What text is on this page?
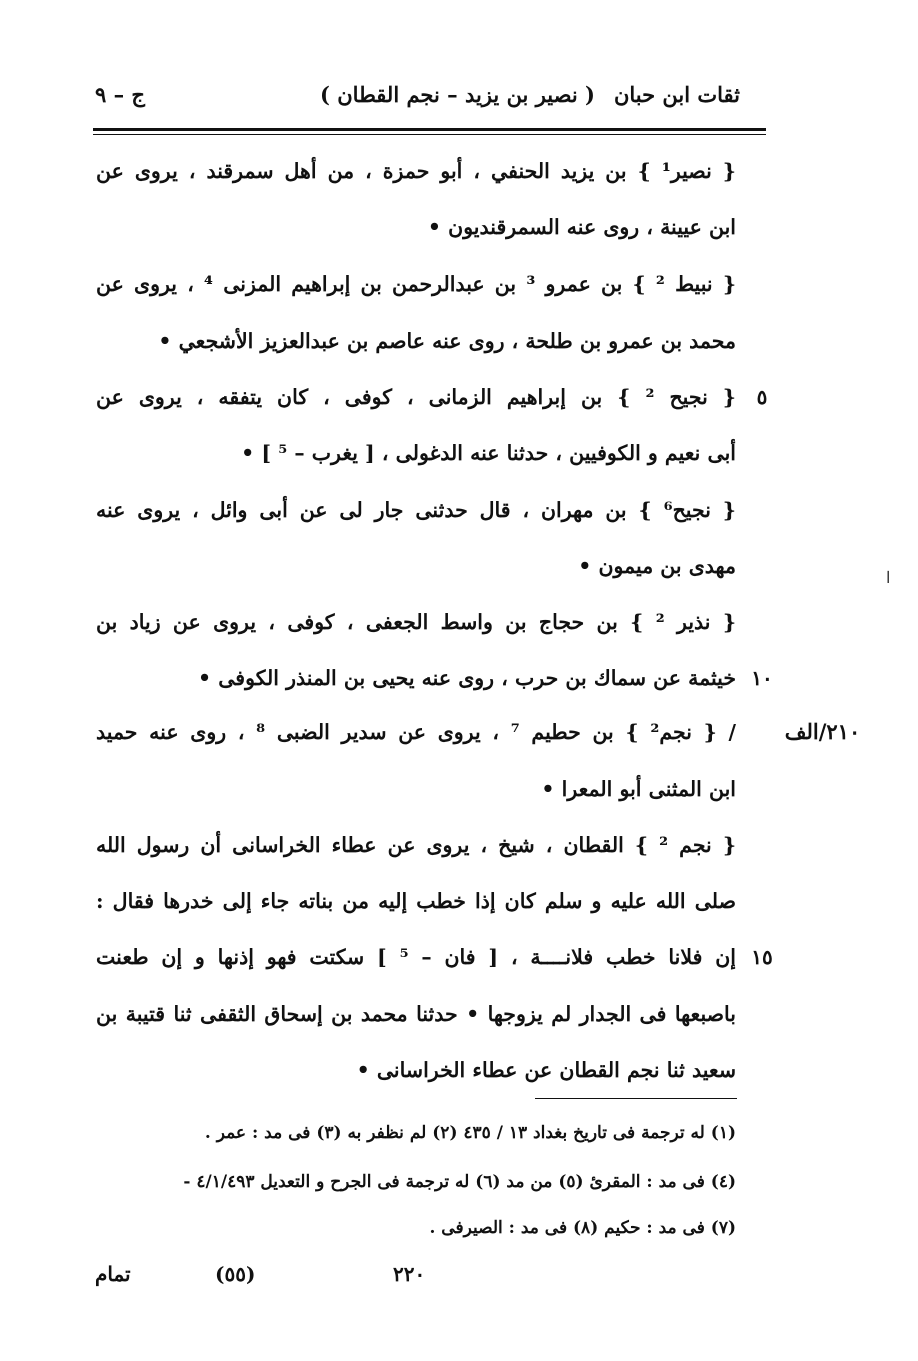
ثقات ابن حبان
( نصير بن يزيد – نجم القطان )
ج – ٩
{ نصير¹ } بن يزيد الحنفي ، أبو حمزة ، من أهل سمرقند ، يروى عن
ابن عيينة ، روى عنه السمرقنديون •
{ نبيط ² } بن عمرو ³ بن عبدالرحمن بن إبراهيم المزنى ⁴ ، يروى عن
محمد بن عمرو بن طلحة ، روى عنه عاصم بن عبدالعزيز الأشجعي •
{ نجيح ² } بن إبراهيم الزمانى ، كوفى ، كان يتفقه ، يروى عن	٥
أبى نعيم و الكوفيين ، حدثنا عنه الدغولى ، [ يغرب – ⁵ ] •
{ نجيح⁶ } بن مهران ، قال حدثنى جار لى عن أبى وائل ، يروى عنه
مهدى بن ميمون •
{ نذير ² } بن حجاج بن واسط الجعفى ، كوفى ، يروى عن زياد بن
خيثمة عن سماك بن حرب ، روى عنه يحيى بن المنذر الكوفى • ١٠
/ { نجم² } بن حطيم ⁷ ، يروى عن سدير الضبى ⁸ ، روى عنه حميد	٢١٠/الف
ابن المثنى أبو المعرا •
{ نجم ² } القطان ، شيخ ، يروى عن عطاء الخراسانى أن رسول الله
صلى الله عليه و سلم كان إذا خطب إليه من بناته جاء إلى خدرها فقال :
إن فلانا خطب فلانــــة ، [ فان – ⁵ ] سكتت فهو إذنها و إن طعنت ١٥
باصبعها فى الجدار لم يزوجها • حدثنا محمد بن إسحاق الثقفى ثنا قتيبة بن
سعيد ثنا نجم القطان عن عطاء الخراسانى •
ا
(١) له ترجمة فى تاريخ بغداد ١٣ / ٤٣٥ (٢) لم نظفر به (٣) فى مد : عمر .
(٤) فى مد : المقرئ (٥) من مد (٦) له ترجمة فى الجرح و التعديل ٤/١/٤٩٣ -
(٧) فى مد : حكيم (٨) فى مد : الصيرفى .
تمام	(٥٥)	٢٢٠
